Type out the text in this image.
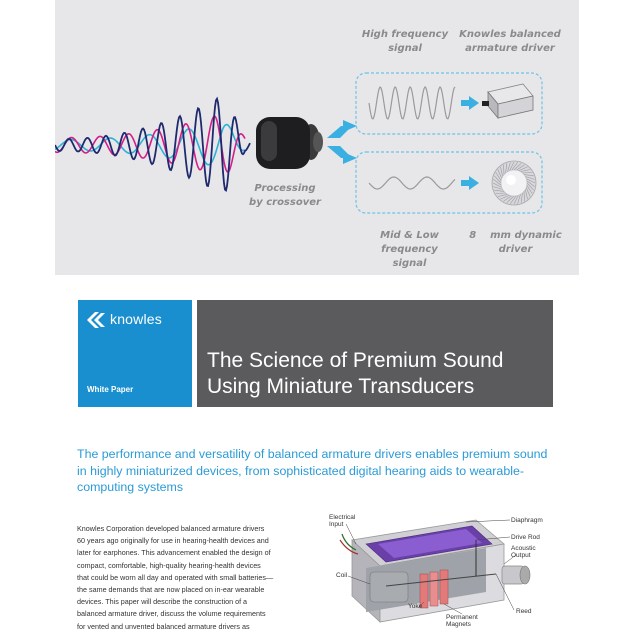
High frequency
signal
Knowles balanced
armature driver
Processing
by crossover
Mid & Low
frequency
signal
8    mm dynamic
driver
knowles
White Paper
The Science of Premium Sound
Using Miniature Transducers

The performance and versatility of balanced armature drivers enables premium sound in highly miniaturized devices, from sophisticated digital hearing aids to wearable-computing systems

Knowles Corporation developed balanced armature drivers
60 years ago originally for use in hearing-health devices and
later for earphones. This advancement enabled the design of
compact, comfortable, high-quality hearing-health devices
that could be worn all day and operated with small batteries—
the same demands that are now placed on in-ear wearable
devices. This paper will describe the construction of a
balanced armature driver, discuss the volume requirements
for vented and unvented balanced armature drivers as

Electrical
Input
Diaphragm
Drive Rod
Acoustic
Output
Coil
Yoke
Reed
Permanent
Magnets
